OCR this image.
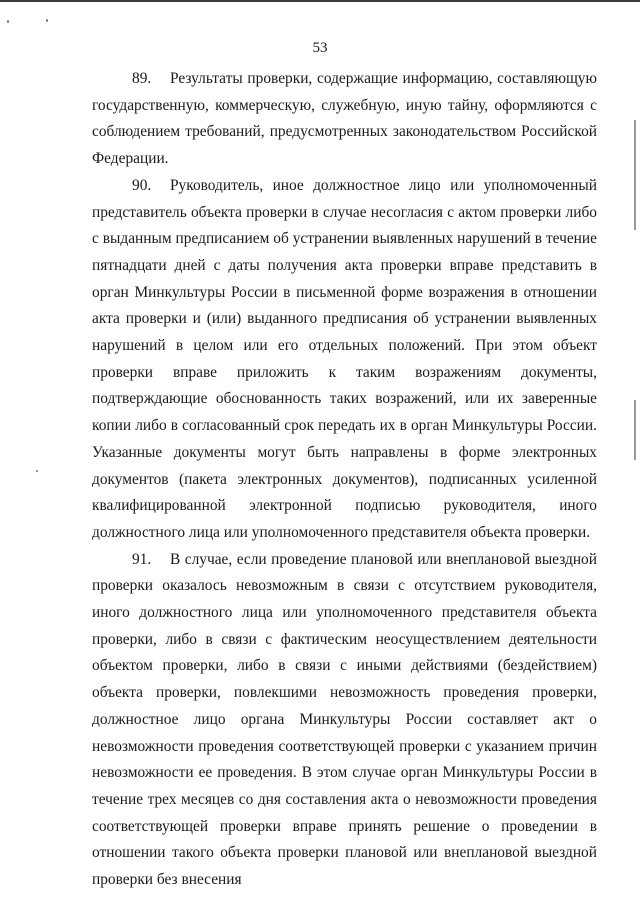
53

89. Результаты проверки, содержащие информацию, составляющую государственную, коммерческую, служебную, иную тайну, оформляются с соблюдением требований, предусмотренных законодательством Российской Федерации.

90. Руководитель, иное должностное лицо или уполномоченный представитель объекта проверки в случае несогласия с актом проверки либо с выданным предписанием об устранении выявленных нарушений в течение пятнадцати дней с даты получения акта проверки вправе представить в орган Минкультуры России в письменной форме возражения в отношении акта проверки и (или) выданного предписания об устранении выявленных нарушений в целом или его отдельных положений. При этом объект проверки вправе приложить к таким возражениям документы, подтверждающие обоснованность таких возражений, или их заверенные копии либо в согласованный срок передать их в орган Минкультуры России. Указанные документы могут быть направлены в форме электронных документов (пакета электронных документов), подписанных усиленной квалифицированной электронной подписью руководителя, иного должностного лица или уполномоченного представителя объекта проверки.

91. В случае, если проведение плановой или внеплановой выездной проверки оказалось невозможным в связи с отсутствием руководителя, иного должностного лица или уполномоченного представителя объекта проверки, либо в связи с фактическим неосуществлением деятельности объектом проверки, либо в связи с иными действиями (бездействием) объекта проверки, повлекшими невозможность проведения проверки, должностное лицо органа Минкультуры России составляет акт о невозможности проведения соответствующей проверки с указанием причин невозможности ее проведения. В этом случае орган Минкультуры России в течение трех месяцев со дня составления акта о невозможности проведения соответствующей проверки вправе принять решение о проведении в отношении такого объекта проверки плановой или внеплановой выездной проверки без внесения
